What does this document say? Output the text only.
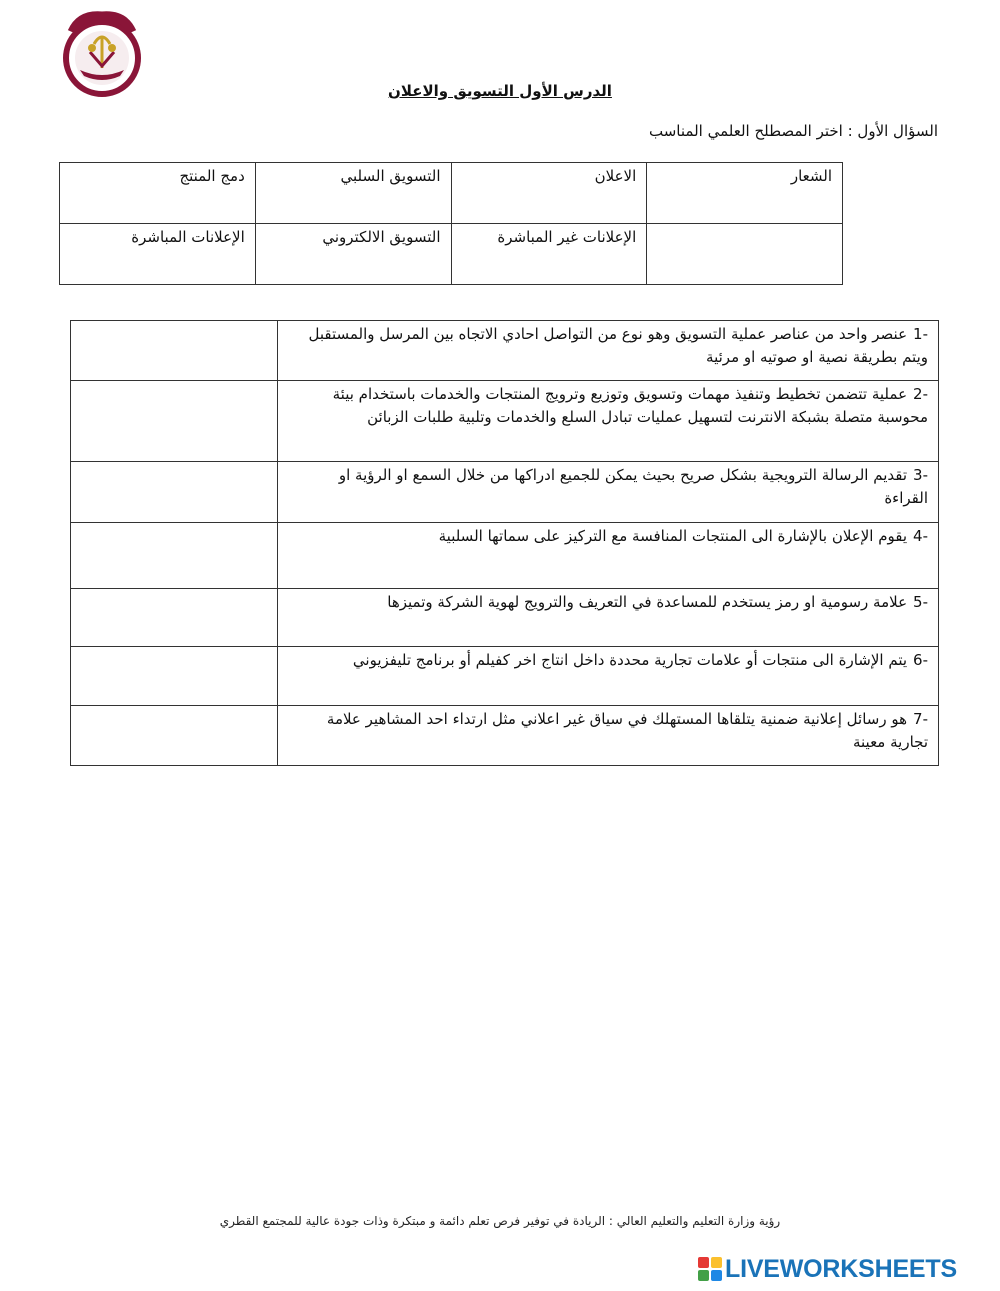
الدرس الأول التسويق والاعلان
السؤال الأول : اختر المصطلح العلمي المناسب
دمج المنتج	التسويق السلبي	الاعلان	الشعار
الإعلانات المباشرة	التسويق الالكتروني	الإعلانات غير المباشرة	
	-1عنصر واحد من عناصر عملية التسويق وهو نوع من التواصل احادي الاتجاه بين المرسل والمستقبل ويتم بطريقة نصية او صوتيه او مرئية
	-2عملية تتضمن تخطيط وتنفيذ مهمات وتسويق وتوزيع وترويج المنتجات والخدمات باستخدام بيئة محوسبة متصلة بشبكة الانترنت لتسهيل عمليات تبادل السلع والخدمات وتلبية طلبات الزبائن
	-3تقديم الرسالة الترويجية بشكل صريح بحيث يمكن للجميع ادراكها من خلال السمع او الرؤية او القراءة
	-4يقوم الإعلان بالإشارة الى المنتجات المنافسة مع التركيز على سماتها السلبية
	-5علامة رسومية او رمز يستخدم للمساعدة في التعريف والترويج لهوية الشركة وتميزها
	-6يتم الإشارة الى منتجات أو علامات تجارية محددة داخل انتاج اخر كفيلم أو برنامج تليفزيوني
	-7هو رسائل إعلانية ضمنية يتلقاها المستهلك في سياق غير اعلاني مثل ارتداء احد المشاهير علامة تجارية معينة
رؤية وزارة التعليم والتعليم العالي : الريادة في توفير فرص تعلم دائمة و مبتكرة وذات جودة عالية للمجتمع القطري
LIVEWORKSHEETS
